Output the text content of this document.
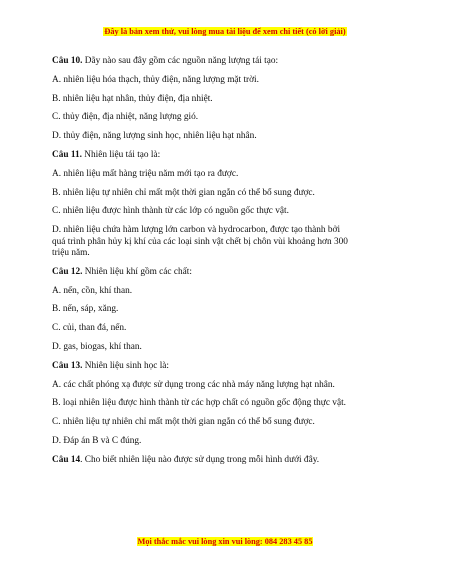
Đây là bản xem thử, vui lòng mua tài liệu để xem chi tiết (có lời giải)
Câu 10. Dãy nào sau đây gồm các nguồn năng lượng tái tạo:
A. nhiên liệu hóa thạch, thủy điện, năng lượng mặt trời.
B. nhiên liệu hạt nhân, thủy điện, địa nhiệt.
C. thủy điện, địa nhiệt, năng lượng gió.
D. thủy điện, năng lượng sinh học, nhiên liệu hạt nhân.
Câu 11. Nhiên liệu tái tạo là:
A. nhiên liệu mất hàng triệu năm mới tạo ra được.
B. nhiên liệu tự nhiên chỉ mất một thời gian ngắn có thể bổ sung được.
C. nhiên liệu được hình thành từ các lớp có nguồn gốc thực vật.
D. nhiên liệu chứa hàm lượng lớn carbon và hydrocarbon, được tạo thành bởi
quá trình phân hủy kị khí của các loại sinh vật chết bị chôn vùi khoảng hơn 300
triệu năm.
Câu 12. Nhiên liệu khí gồm các chất:
A. nến, cồn, khí than.
B. nến, sáp, xăng.
C. củi, than đá, nến.
D. gas, biogas, khí than.
Câu 13. Nhiên liệu sinh học là:
A. các chất phóng xạ được sử dụng trong các nhà máy năng lượng hạt nhân.
B. loại nhiên liệu được hình thành từ các hợp chất có nguồn gốc động thực vật.
C. nhiên liệu tự nhiên chỉ mất một thời gian ngắn có thể bổ sung được.
D. Đáp án B và C đúng.
Câu 14. Cho biết nhiên liệu nào được sử dụng trong mỗi hình dưới đây.
Mọi thắc mắc vui lòng xin vui lòng: 084 283 45 85
